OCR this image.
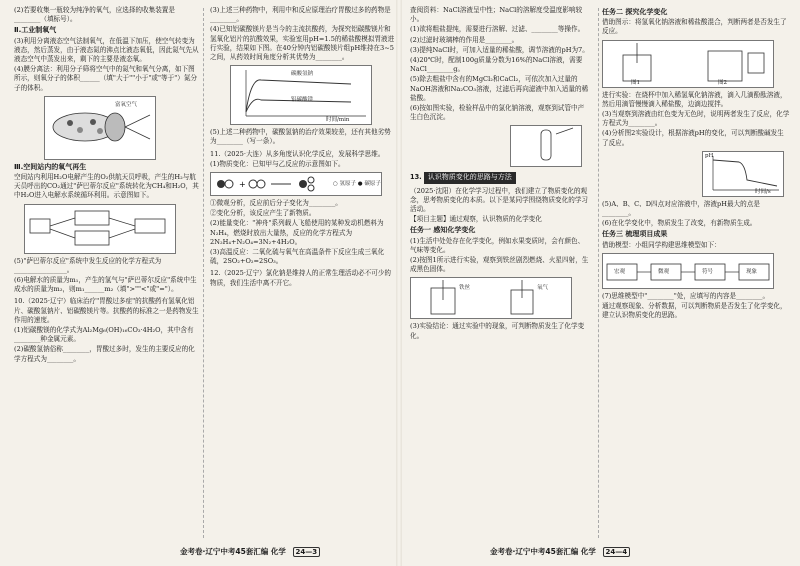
(2)若要收集一瓶较为纯净的氧气，应选择的收集装置是________（填标号）。

Ⅱ.工业制氧气

(3)利用分离液态空气法制氧气，在低温下加压，使空气转变为液态，然后蒸发，由于液态氮的沸点比液态氧低，因此氮气先从液态空气中蒸发出来，剩下的主要是液态氧。

(4)膜分离法：利用分子筛将空气中的氮气和氧气分离，如下图所示，则氧分子的体积______（填"大于""小于"或"等于"）氮分子的体积。

富氧空气
Ⅲ.空间站内的氧气再生

空间站内利用H₂O电解产生的O₂供航天员呼吸，产生的H₂与航天员呼出的CO₂通过"萨巴蒂尔反应"系统转化为CH₄和H₂O，其中H₂O进入电解水系统循环利用。示意图如下。

(5)"萨巴蒂尔反应"系统中发生反应的化学方程式为________________。

(6)电解水的质量为m₁，产生的氢气与"萨巴蒂尔反应"系统中生成水的质量为m₂，则m₁______m₂（填">""<"或"="）。

10.（2025·辽宁）临床治疗"胃酸过多症"的抗酸药有氢氧化铝片、碳酸氢钠片、铝碳酸镁片等。抗酸药的标准之一是药物发生作用的速度。

(1)铝碳酸镁的化学式为Al₂Mg₆(OH)₁₆CO₃·4H₂O，其中含有________种金属元素。

(2)碳酸氢钠俗称________，胃酸过多时，发生的主要反应的化学方程式为________。

(3)上述三种药物中，利用中和反应原理治疗胃酸过多的药物是________。

(4)已知铝碳酸镁片是当今的主流抗酸药，为探究铝碳酸镁片和氢氧化铝片的抗酸效果，实验室用pH=1.5的稀盐酸模拟胃液进行实验，结果如下图。在40分钟内铝碳酸镁片组pH维持在3~5之间，从药效时间角度分析其优势为________。

碳酸氢钠
铝碳酸镁
时间/min

(5)上述二种药物中，碳酸氢钠的治疗效果较差，还有其他劣势为________（写一条）。

11.（2025·大连）从多角度认识化学反应，发展科学思维。

(1)物质变化：已知甲与乙反应的示意图如下。

+	○ 氢原子 ● 碳原子

①微观分析，反应前后分子变化为________。

②变化分析，该反应产生了新物质。

(2)能量变化："神舟"系列载人飞船使用的某种发动机燃料为N₂H₄，燃烧时放出大量热，反应的化学方程式为2N₂H₄+N₂O₄=3N₂+4H₂O。

(3)高温反应：二氧化硫与氧气在高温条件下反应生成三氧化硫，2SO₂+O₂=2SO₃。

12.（2025·辽宁）氯化钠是维持人的正常生理活动必不可少的物质，我们生活中离不开它。

查阅资料：NaCl溶液呈中性；NaCl的溶解度受温度影响较小。

(1)欲将粗盐提纯，需要进行溶解、过滤、________等操作。

(2)过滤时玻璃棒的作用是________。

(3)提纯NaCl时，可加入适量的稀盐酸，调节溶液的pH为7。

(4)20℃时，配制100g质量分数为16%的NaCl溶液，需要NaCl________g。

(5)除去粗盐中含有的MgCl₂和CaCl₂，可依次加入过量的NaOH溶液和Na₂CO₃溶液，过滤后再向滤液中加入适量的稀盐酸。

(6)按如图实验，检验样品中的氯化钠溶液，观察到试管中产生白色沉淀。

13. 认识物质变化的思路与方法

（2025·沈阳）在化学学习过程中，我们建立了物质变化的观念，思考物质变化的本质。以下是某同学围绕物质变化的学习活动。

【项目主题】通过观察，认识物质的化学变化

任务一 感知化学变化

(1)生活中处处存在化学变化，例如水果变质时，会有颜色、气味等变化。

(2)按图1所示进行实验，观察到铁丝剧烈燃烧、火星四射，生成黑色固体。

铁丝	氧气

(3)实验结论：通过实验中的现象，可判断物质发生了化学变化。

任务二 探究化学变化

借助图示：将氢氧化钠溶液和稀盐酸混合，判断两者是否发生了反应。

图1	图2

进行实验：在烧杯中加入稀氢氧化钠溶液，滴入几滴酚酞溶液，然后用滴管慢慢滴入稀盐酸，边滴边搅拌。

(3)当观察到溶液由红色变为无色时，说明两者发生了反应，化学方程式为________。

(4)分析图2实验设计，根据溶液pH的变化，可以判断酸碱发生了反应。

pH
时间/s

(5)A、B、C、D四点对应溶液中，溶液pH最大的点是________。

(6)在化学变化中，物质发生了改变，有新物质生成。

任务三 梳理项目成果

借助模型：小组同学构建思维模型如下：

宏观	微观	符号	现象

(7)思维模型中"________"处，应填写的内容是________。

通过观察现象、分析数据，可以判断物质是否发生了化学变化，建立认识物质变化的思路。

金考卷·辽宁中考45套汇编 化学 24—3	金考卷·辽宁中考45套汇编 化学 24—4
